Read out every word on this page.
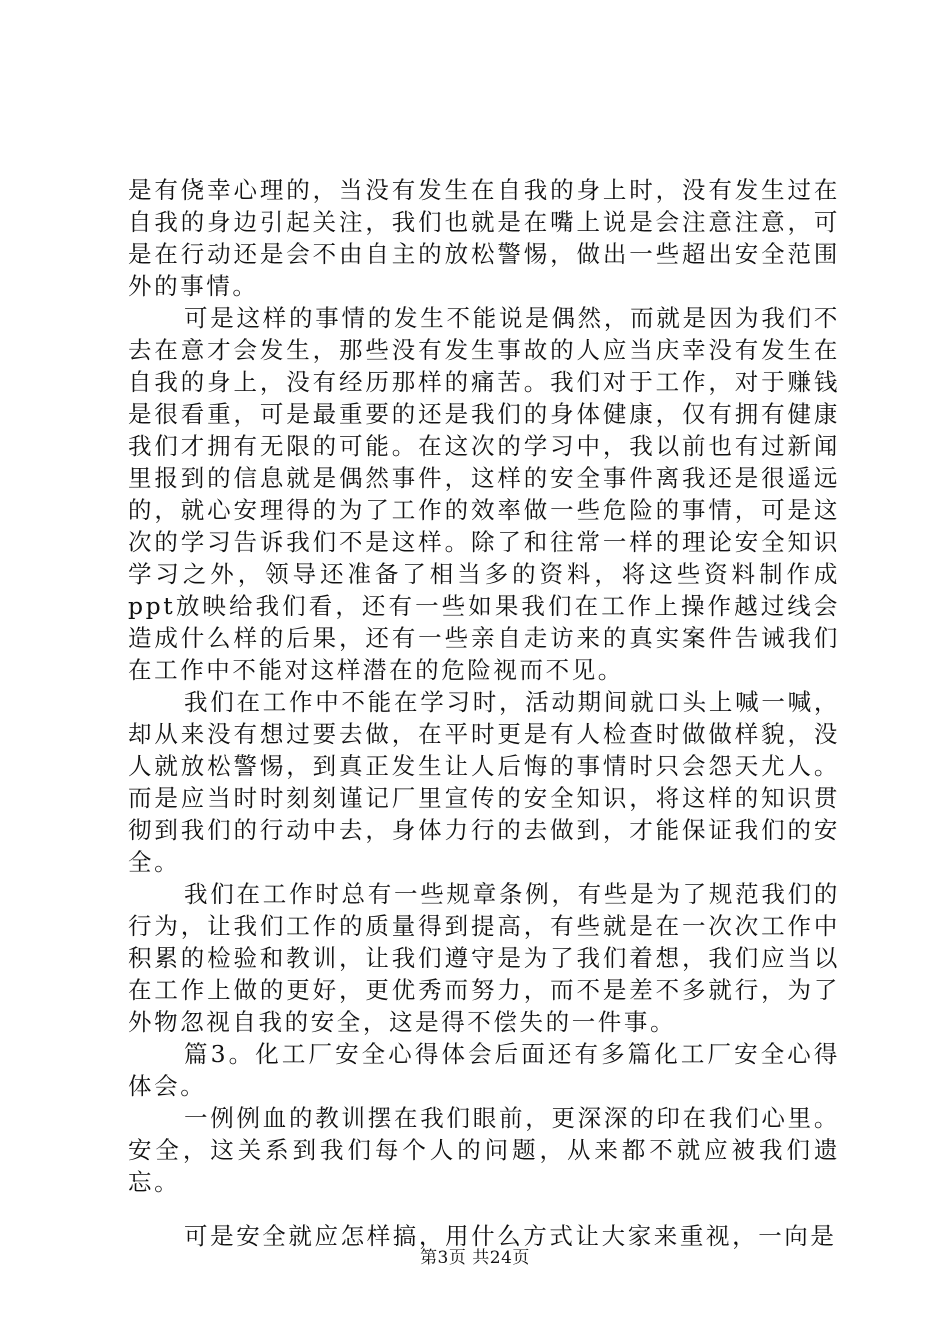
是有侥幸心理的，当没有发生在自我的身上时，没有发生过在自我的身边引起关注，我们也就是在嘴上说是会注意注意，可是在行动还是会不由自主的放松警惕，做出一些超出安全范围外的事情。

可是这样的事情的发生不能说是偶然，而就是因为我们不去在意才会发生，那些没有发生事故的人应当庆幸没有发生在自我的身上，没有经历那样的痛苦。我们对于工作，对于赚钱是很看重，可是最重要的还是我们的身体健康，仅有拥有健康我们才拥有无限的可能。在这次的学习中，我以前也有过新闻里报到的信息就是偶然事件，这样的安全事件离我还是很遥远的，就心安理得的为了工作的效率做一些危险的事情，可是这次的学习告诉我们不是这样。除了和往常一样的理论安全知识学习之外，领导还准备了相当多的资料，将这些资料制作成ppt放映给我们看，还有一些如果我们在工作上操作越过线会造成什么样的后果，还有一些亲自走访来的真实案件告诫我们在工作中不能对这样潜在的危险视而不见。

我们在工作中不能在学习时，活动期间就口头上喊一喊，却从来没有想过要去做，在平时更是有人检查时做做样貌，没人就放松警惕，到真正发生让人后悔的事情时只会怨天尤人。而是应当时时刻刻谨记厂里宣传的安全知识，将这样的知识贯彻到我们的行动中去，身体力行的去做到，才能保证我们的安全。

我们在工作时总有一些规章条例，有些是为了规范我们的行为，让我们工作的质量得到提高，有些就是在一次次工作中积累的检验和教训，让我们遵守是为了我们着想，我们应当以在工作上做的更好，更优秀而努力，而不是差不多就行，为了外物忽视自我的安全，这是得不偿失的一件事。

篇3。化工厂安全心得体会后面还有多篇化工厂安全心得体会。

一例例血的教训摆在我们眼前，更深深的印在我们心里。安全，这关系到我们每个人的问题，从来都不就应被我们遗忘。

可是安全就应怎样搞，用什么方式让大家来重视，一向是

第3页 共24页
